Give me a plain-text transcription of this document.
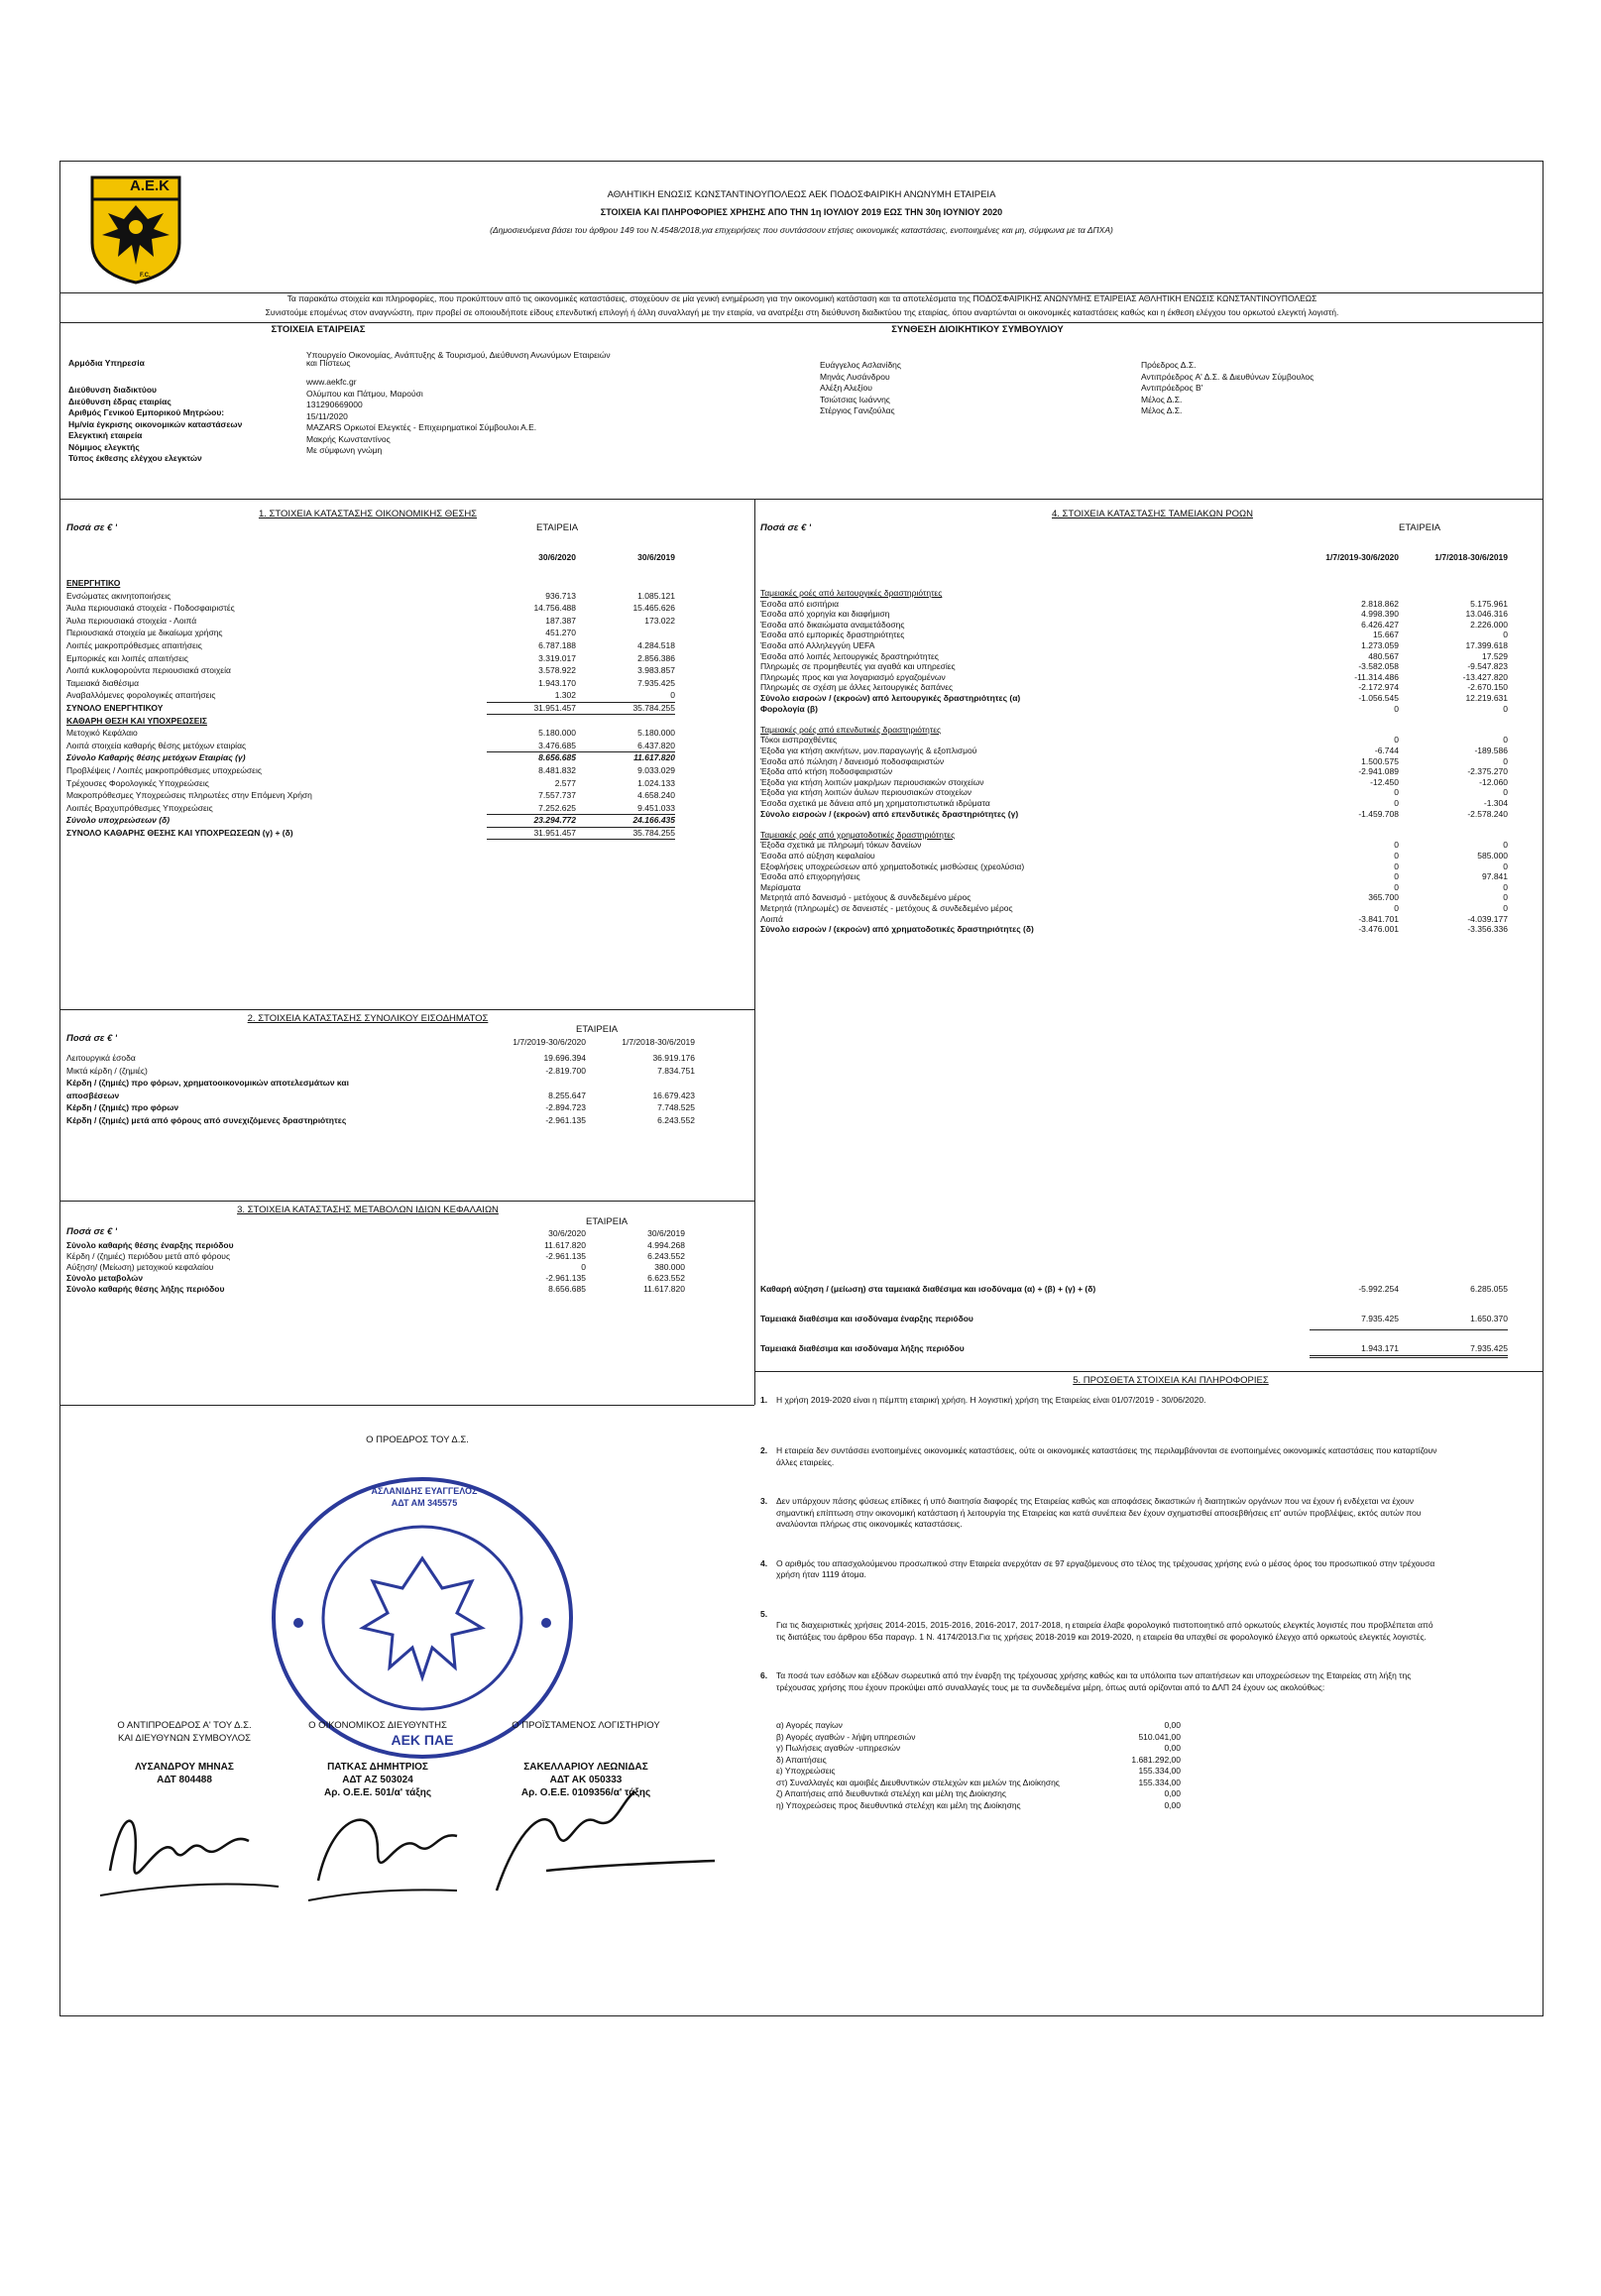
Α.Ε.Κ
F.C.
ΑΘΛΗΤΙΚΗ ΕΝΩΣΙΣ ΚΩΝΣΤΑΝΤΙΝΟΥΠΟΛΕΩΣ ΑΕΚ ΠΟΔΟΣΦΑΙΡΙΚΗ ΑΝΩΝΥΜΗ ΕΤΑΙΡΕΙΑ
ΣΤΟΙΧΕΙΑ ΚΑΙ ΠΛΗΡΟΦΟΡΙΕΣ ΧΡΗΣΗΣ ΑΠΟ ΤΗΝ 1η ΙΟΥΛΙΟΥ 2019 ΕΩΣ ΤΗΝ 30η ΙΟΥΝΙΟΥ 2020
(Δημοσιευόμενα βάσει του άρθρου 149 του Ν.4548/2018,για επιχειρήσεις που συντάσσουν ετήσιες οικονομικές καταστάσεις, ενοποιημένες και μη, σύμφωνα με τα ΔΠΧΑ)
Τα παρακάτω στοιχεία και πληροφορίες, που προκύπτουν από τις οικονομικές καταστάσεις, στοχεύουν σε μία γενική ενημέρωση για την οικονομική κατάσταση και τα αποτελέσματα της ΠΟΔΟΣΦΑΙΡΙΚΗΣ ΑΝΩΝΥΜΗΣ ΕΤΑΙΡΕΙΑΣ ΑΘΛΗΤΙΚΗ ΕΝΩΣΙΣ ΚΩΝΣΤΑΝΤΙΝΟΥΠΟΛΕΩΣ
Συνιστούμε επομένως στον αναγνώστη, πριν προβεί σε οποιουδήποτε είδους επενδυτική επιλογή ή άλλη συναλλαγή με την εταιρία, να ανατρέξει στη διεύθυνση διαδικτύου της εταιρίας, όπου αναρτώνται οι οικονομικές καταστάσεις καθώς και η έκθεση ελέγχου του ορκωτού ελεγκτή λογιστή.
ΣΤΟΙΧΕΙΑ ΕΤΑΙΡΕΙΑΣ
Αρμόδια Υπηρεσία
Υπουργείο Οικονομίας, Ανάπτυξης & Τουρισμού, Διεύθυνση Ανωνύμων Εταιρειών
και Πίστεως
Διεύθυνση διαδικτύου
www.aekfc.gr
Διεύθυνση έδρας εταιρίας
Ολύμπου και Πάτμου, Μαρούσι
Αριθμός Γενικού Εμπορικού Μητρώου:
131290669000
Ημ/νία έγκρισης οικονομικών καταστάσεων
15/11/2020
Ελεγκτική εταιρεία
MAZARS Ορκωτοί Ελεγκτές - Επιχειρηματικοί Σύμβουλοι Α.Ε.
Νόμιμος ελεγκτής
Μακρής Κωνσταντίνος
Τύπος έκθεσης ελέγχου ελεγκτών
Με σύμφωνη γνώμη
ΣΥΝΘΕΣΗ ΔΙΟΙΚΗΤΙΚΟΥ ΣΥΜΒΟΥΛΙΟΥ
Ευάγγελος Ασλανίδης	Πρόεδρος Δ.Σ.
Μηνάς Λυσάνδρου	Αντιπρόεδρος Α' Δ.Σ. & Διευθύνων Σύμβουλος
Αλέξη Αλεξίου	Αντιπρόεδρος Β'
Τσιώτσιας Ιωάννης	Μέλος Δ.Σ.
Στέργιος Γανιζούλας	Μέλος Δ.Σ.
1. ΣΤΟΙΧΕΙΑ ΚΑΤΑΣΤΑΣΗΣ ΟΙΚΟΝΟΜΙΚΗΣ ΘΕΣΗΣ
Ποσά σε € '	ΕΤΑΙΡΕΙΑ
30/6/2020	30/6/2019
ΕΝΕΡΓΗΤΙΚΟ
Ενσώματες ακινητοποιήσεις	936.713	1.085.121
Άυλα περιουσιακά στοιχεία - Ποδοσφαιριστές	14.756.488	15.465.626
Άυλα περιουσιακά στοιχεία - Λοιπά	187.387	173.022
Περιουσιακά στοιχεία με δικαίωμα χρήσης	451.270
Λοιπές μακροπρόθεσμες απαιτήσεις	6.787.188	4.284.518
Εμπορικές και λοιπές απαιτήσεις	3.319.017	2.856.386
Λοιπά κυκλοφορούντα περιουσιακά στοιχεία	3.578.922	3.983.857
Ταμειακά διαθέσιμα	1.943.170	7.935.425
Αναβαλλόμενες φορολογικές απαιτήσεις	1.302	0
ΣΥΝΟΛΟ ΕΝΕΡΓΗΤΙΚΟΥ	31.951.457	35.784.255
ΚΑΘΑΡΗ ΘΕΣΗ ΚΑΙ ΥΠΟΧΡΕΩΣΕΙΣ
Μετοχικό Κεφάλαιο	5.180.000	5.180.000
Λοιπά στοιχεία καθαρής θέσης μετόχων εταιρίας	3.476.685	6.437.820
Σύνολο Καθαρής θέσης μετόχων Εταιρίας (γ)	8.656.685	11.617.820
Προβλέψεις / Λοιπές μακροπρόθεσμες υποχρεώσεις	8.481.832	9.033.029
Τρέχουσες Φορολογικές Υποχρεώσεις	2.577	1.024.133
Μακροπρόθεσμες Υποχρεώσεις πληρωτέες στην Επόμενη Χρήση	7.557.737	4.658.240
Λοιπές Βραχυπρόθεσμες Υποχρεώσεις	7.252.625	9.451.033
Σύνολο υποχρεώσεων (δ)	23.294.772	24.166.435
ΣΥΝΟΛΟ ΚΑΘΑΡΗΣ ΘΕΣΗΣ ΚΑΙ ΥΠΟΧΡΕΩΣΕΩΝ (γ) + (δ)	31.951.457	35.784.255
2. ΣΤΟΙΧΕΙΑ ΚΑΤΑΣΤΑΣΗΣ ΣΥΝΟΛΙΚΟΥ ΕΙΣΟΔΗΜΑΤΟΣ
Ποσά σε € '
ΕΤΑΙΡΕΙΑ
1/7/2019-30/6/2020	1/7/2018-30/6/2019
Λειτουργικά έσοδα	19.696.394	36.919.176
Μικτά κέρδη / (ζημιές)	-2.819.700	7.834.751
Κέρδη / (ζημιές) προ φόρων, χρηματοοικονομικών αποτελεσμάτων και
αποσβέσεων	8.255.647	16.679.423
Κέρδη / (ζημιές) προ φόρων	-2.894.723	7.748.525
Κέρδη / (ζημιές) μετά από φόρους από συνεχιζόμενες δραστηριότητες	-2.961.135	6.243.552
3. ΣΤΟΙΧΕΙΑ ΚΑΤΑΣΤΑΣΗΣ ΜΕΤΑΒΟΛΩΝ ΙΔΙΩΝ ΚΕΦΑΛΑΙΩΝ
Ποσά σε € '
ΕΤΑΙΡΕΙΑ
30/6/2020	30/6/2019
Σύνολο καθαρής θέσης έναρξης περιόδου	11.617.820	4.994.268
Κέρδη / (ζημιές) περιόδου μετά από φόρους	-2.961.135	6.243.552
Αύξηση/ (Μείωση) μετοχικού κεφαλαίου	0	380.000
Σύνολο μεταβολών	-2.961.135	6.623.552
Σύνολο καθαρής θέσης λήξης περιόδου	8.656.685	11.617.820
4. ΣΤΟΙΧΕΙΑ ΚΑΤΑΣΤΑΣΗΣ ΤΑΜΕΙΑΚΩΝ ΡΟΩΝ
Ποσά σε € '	ΕΤΑΙΡΕΙΑ
1/7/2019-30/6/2020	1/7/2018-30/6/2019
Ταμειακές ροές από λειτουργικές δραστηριότητες
Έσοδα από εισιτήρια	2.818.862	5.175.961
Έσοδα από χορηγία και διαφήμιση	4.998.390	13.046.316
Έσοδα από δικαιώματα αναμετάδοσης	6.426.427	2.226.000
Έσοδα από εμπορικές δραστηριότητες	15.667	0
Έσοδα από Αλληλεγγύη UEFA	1.273.059	17.399.618
Έσοδα από λοιπές λειτουργικές δραστηριότητες	480.567	17.529
Πληρωμές σε προμηθευτές για αγαθά και υπηρεσίες	-3.582.058	-9.547.823
Πληρωμές προς και για λογαριασμό εργαζομένων	-11.314.486	-13.427.820
Πληρωμές σε σχέση με άλλες λειτουργικές δαπάνες	-2.172.974	-2.670.150
Σύνολο εισροών / (εκροών) από λειτουργικές δραστηριότητες (α)	-1.056.545	12.219.631
Φορολογία (β)	0	0
Ταμειακές ροές από επενδυτικές δραστηριότητες
Τόκοι εισπραχθέντες	0	0
Έξοδα για κτήση ακινήτων, μον.παραγωγής & εξοπλισμού	-6.744	-189.586
Έσοδα από πώληση / δανεισμό ποδοσφαιριστών	1.500.575	0
Έξοδα από κτήση ποδοσφαιριστών	-2.941.089	-2.375.270
Έξοδα για κτήση λοιπών μακρ/μων περιουσιακών στοιχείων	-12.450	-12.060
Έξοδα για κτήση λοιπών άυλων περιουσιακών στοιχείων	0	0
Έσοδα σχετικά με δάνεια από μη χρηματοπιστωτικά ιδρύματα	0	-1.304
Σύνολο εισροών / (εκροών) από επενδυτικές δραστηριότητες (γ)	-1.459.708	-2.578.240
Ταμειακές ροές από χρηματοδοτικές δραστηριότητες
Έξοδα σχετικά με πληρωμή τόκων δανείων	0	0
Έσοδα από αύξηση κεφαλαίου	0	585.000
Εξοφλήσεις υποχρεώσεων από χρηματοδοτικές μισθώσεις (χρεολύσια)	0	0
Έσοδα από επιχορηγήσεις	0	97.841
Μερίσματα	0	0
Μετρητά από δανεισμό - μετόχους & συνδεδεμένο μέρος	365.700	0
Μετρητά (πληρωμές) σε δανειστές - μετόχους & συνδεδεμένο μέρος	0	0
Λοιπά	-3.841.701	-4.039.177
Σύνολο εισροών / (εκροών) από χρηματοδοτικές δραστηριότητες (δ)	-3.476.001	-3.356.336
Καθαρή αύξηση / (μείωση) στα ταμειακά διαθέσιμα και ισοδύναμα (α) + (β) + (γ) + (δ)	-5.992.254	6.285.055
Ταμειακά διαθέσιμα και ισοδύναμα έναρξης περιόδου	7.935.425	1.650.370
Ταμειακά διαθέσιμα και ισοδύναμα λήξης περιόδου	1.943.171	7.935.425
5. ΠΡΟΣΘΕΤΑ ΣΤΟΙΧΕΙΑ ΚΑΙ ΠΛΗΡΟΦΟΡΙΕΣ
1.	Η χρήση 2019-2020 είναι η πέμπτη εταιρική χρήση. Η λογιστική χρήση της Εταιρείας είναι 01/07/2019 - 30/06/2020.
2.	Η εταιρεία δεν συντάσσει ενοποιημένες οικονομικές καταστάσεις, ούτε οι οικονομικές καταστάσεις της περιλαμβάνονται σε ενοποιημένες οικονομικές καταστάσεις που καταρτίζουν
άλλες εταιρείες.
3.	Δεν υπάρχουν πάσης φύσεως επίδικες ή υπό διαιτησία διαφορές της Εταιρείας καθώς και αποφάσεις δικαστικών ή διαιτητικών οργάνων που να έχουν ή ενδέχεται να έχουν
σημαντική επίπτωση στην οικονομική κατάσταση ή λειτουργία της Εταιρείας και κατά συνέπεια δεν έχουν σχηματισθεί αποσεβθήσεις επ' αυτών προβλέψεις, εκτός αυτών που
αναλύονται πλήρως στις οικονομικές καταστάσεις.
4.	Ο αριθμός του απασχολούμενου προσωπικού στην Εταιρεία ανερχόταν σε 97 εργαζόμενους στο τέλος της τρέχουσας χρήσης ενώ ο μέσος όρος του προσωπικού στην τρέχουσα
χρήση ήταν 1119 άτομα.
5.
Για τις διαχειριστικές χρήσεις 2014-2015, 2015-2016, 2016-2017, 2017-2018, η εταιρεία έλαβε φορολογικό πιστοποιητικό από ορκωτούς ελεγκτές λογιστές που προβλέπεται από
τις διατάξεις του άρθρου 65α παραγρ. 1 Ν. 4174/2013.Για τις χρήσεις 2018-2019 και 2019-2020, η εταιρεία θα υπαχθεί σε φορολογικό έλεγχο από ορκωτούς ελεγκτές λογιστές.
6.	Τα ποσά των εσόδων και εξόδων σωρευτικά από την έναρξη της τρέχουσας χρήσης καθώς και τα υπόλοιπα των απαιτήσεων και υποχρεώσεων της Εταιρείας στη λήξη της
τρέχουσας χρήσης που έχουν προκύψει από συναλλαγές τους με τα συνδεδεμένα μέρη, όπως αυτά ορίζονται από το ΔΛΠ 24 έχουν ως ακολούθως:
α) Αγορές παγίων	0,00
β) Αγορές αγαθών - λήψη υπηρεσιών	510.041,00
γ) Πωλήσεις αγαθών -υπηρεσιών	0,00
δ) Απαιτήσεις	1.681.292,00
ε) Υποχρεώσεις	155.334,00
στ) Συναλλαγές και αμοιβές Διευθυντικών στελεχών και μελών της Διοίκησης	155.334,00
ζ) Απαιτήσεις από διευθυντικά στελέχη και μέλη της Διοίκησης	0,00
η) Υποχρεώσεις προς διευθυντικά στελέχη και μέλη της Διοίκησης	0,00
Ο ΠΡΟΕΔΡΟΣ ΤΟΥ Δ.Σ.
ΑΣΛΑΝΙΔΗΣ ΕΥΑΓΓΕΛΟΣ
ΑΔΤ ΑΜ 345575
ΑΕΚ ΠΑΕ
Ο ΑΝΤΙΠΡΟΕΔΡΟΣ Α' ΤΟΥ Δ.Σ.
ΚΑΙ ΔΙΕΥΘΥΝΩΝ ΣΥΜΒΟΥΛΟΣ
ΛΥΣΑΝΔΡΟΥ ΜΗΝΑΣ
ΑΔΤ 804488
Ο ΟΙΚΟΝΟΜΙΚΟΣ ΔΙΕΥΘΥΝΤΗΣ
ΠΑΤΚΑΣ ΔΗΜΗΤΡΙΟΣ
ΑΔΤ ΑΖ 503024
Αρ. Ο.Ε.Ε. 501/α' τάξης
Ο ΠΡΟΪΣΤΑΜΕΝΟΣ ΛΟΓΙΣΤΗΡΙΟΥ
ΣΑΚΕΛΛΑΡΙΟΥ ΛΕΩΝΙΔΑΣ
ΑΔΤ ΑΚ 050333
Αρ. Ο.Ε.Ε. 0109356/α' τάξης
